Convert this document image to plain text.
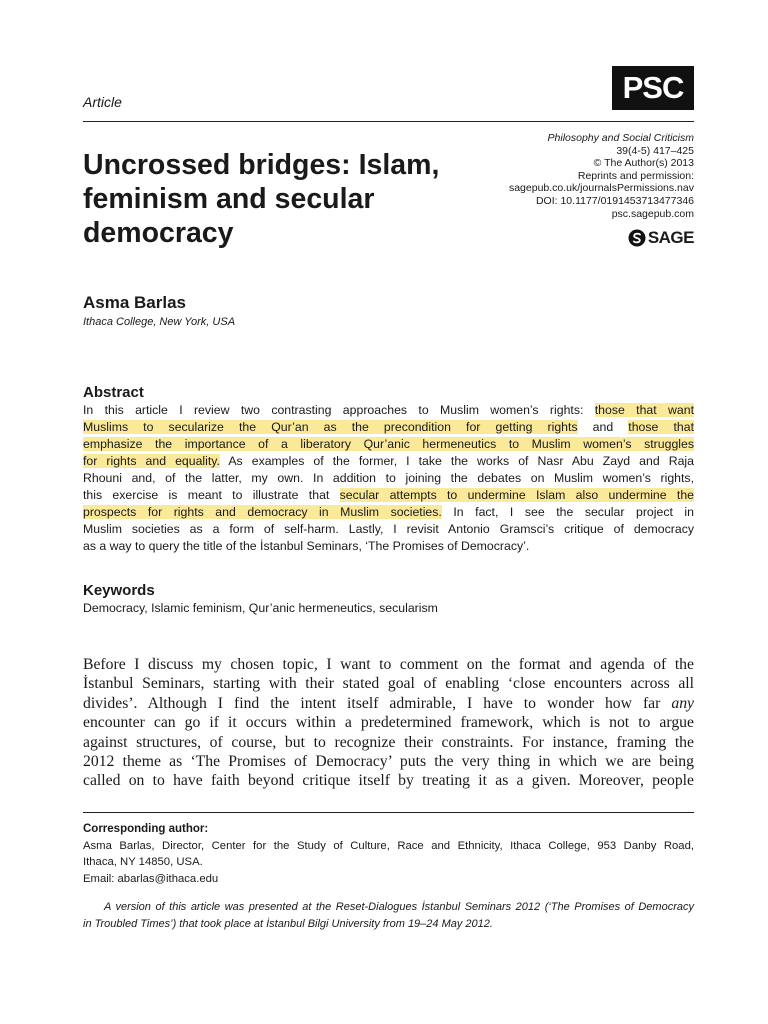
Article	PSC
Uncrossed bridges: Islam,
feminism and secular
democracy
Philosophy and Social Criticism
39(4-5) 417–425
© The Author(s) 2013
Reprints and permission:
sagepub.co.uk/journalsPermissions.nav
DOI: 10.1177/0191453713477346
psc.sagepub.com
SAGE
Asma Barlas
Ithaca College, New York, USA
Abstract
In this article I review two contrasting approaches to Muslim women’s rights: those that want
Muslims to secularize the Qur’an as the precondition for getting rights and those that
emphasize the importance of a liberatory Qur’anic hermeneutics to Muslim women’s struggles
for rights and equality. As examples of the former, I take the works of Nasr Abu Zayd and Raja
Rhouni and, of the latter, my own. In addition to joining the debates on Muslim women’s rights,
this exercise is meant to illustrate that secular attempts to undermine Islam also undermine the
prospects for rights and democracy in Muslim societies. In fact, I see the secular project in
Muslim societies as a form of self-harm. Lastly, I revisit Antonio Gramsci’s critique of democracy
as a way to query the title of the İstanbul Seminars, ‘The Promises of Democracy’.
Keywords
Democracy, Islamic feminism, Qur’anic hermeneutics, secularism
Before I discuss my chosen topic, I want to comment on the format and agenda of the
İstanbul Seminars, starting with their stated goal of enabling ‘close encounters across all
divides’. Although I find the intent itself admirable, I have to wonder how far any
encounter can go if it occurs within a predetermined framework, which is not to argue
against structures, of course, but to recognize their constraints. For instance, framing the
2012 theme as ‘The Promises of Democracy’ puts the very thing in which we are being
called on to have faith beyond critique itself by treating it as a given. Moreover, people
Corresponding author:
Asma Barlas, Director, Center for the Study of Culture, Race and Ethnicity, Ithaca College, 953 Danby Road,
Ithaca, NY 14850, USA.
Email: abarlas@ithaca.edu
A version of this article was presented at the Reset-Dialogues İstanbul Seminars 2012 (‘The Promises of Democracy
in Troubled Times’) that took place at İstanbul Bilgi University from 19–24 May 2012.
